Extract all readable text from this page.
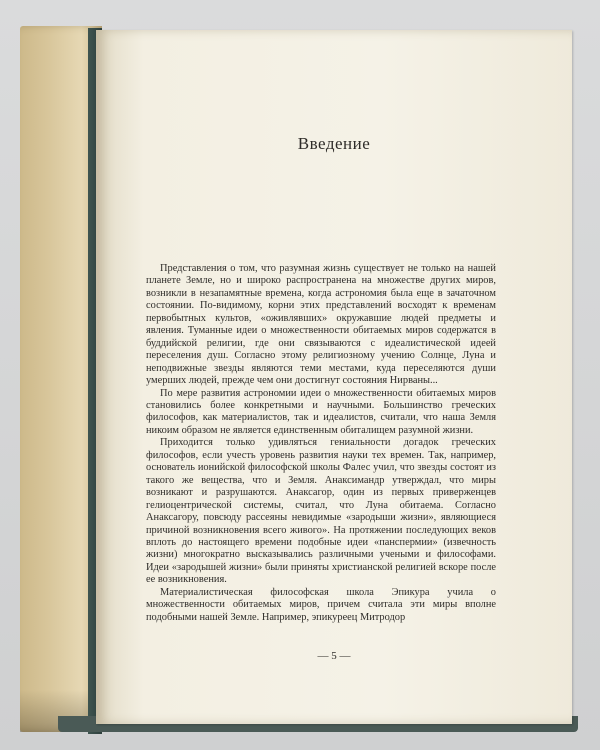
Введение

Представления о том, что разумная жизнь существует не только на нашей планете Земле, но и широко распространена на множестве других миров, возникли в незапамятные времена, когда астрономия была еще в зачаточном состоянии. По-видимому, корни этих представлений восходят к временам первобытных культов, «оживлявших» окружавшие людей предметы и явления. Туманные идеи о множественности обитаемых миров содержатся в буддийской религии, где они связываются с идеалистической идеей переселения душ. Согласно этому религиозному учению Солнце, Луна и неподвижные звезды являются теми местами, куда переселяются души умерших людей, прежде чем они достигнут состояния Нирваны...

По мере развития астрономии идеи о множественности обитаемых миров становились более конкретными и научными. Большинство греческих философов, как материалистов, так и идеалистов, считали, что наша Земля никоим образом не является единственным обиталищем разумной жизни.

Приходится только удивляться гениальности догадок греческих философов, если учесть уровень развития науки тех времен. Так, например, основатель ионийской философской школы Фалес учил, что звезды состоят из такого же вещества, что и Земля. Анаксимандр утверждал, что миры возникают и разрушаются. Анаксагор, один из первых приверженцев гелиоцентрической системы, считал, что Луна обитаема. Согласно Анаксагору, повсюду рассеяны невидимые «зародыши жизни», являющиеся причиной возникновения всего живого». На протяжении последующих веков вплоть до настоящего времени подобные идеи «панспермии» (извечность жизни) многократно высказывались различными учеными и философами. Идеи «зародышей жизни» были приняты христианской религией вскоре после ее возникновения.

Материалистическая философская школа Эпикура учила о множественности обитаемых миров, причем считала эти миры вполне подобными нашей Земле. Например, эпикуреец Митродор

— 5 —
